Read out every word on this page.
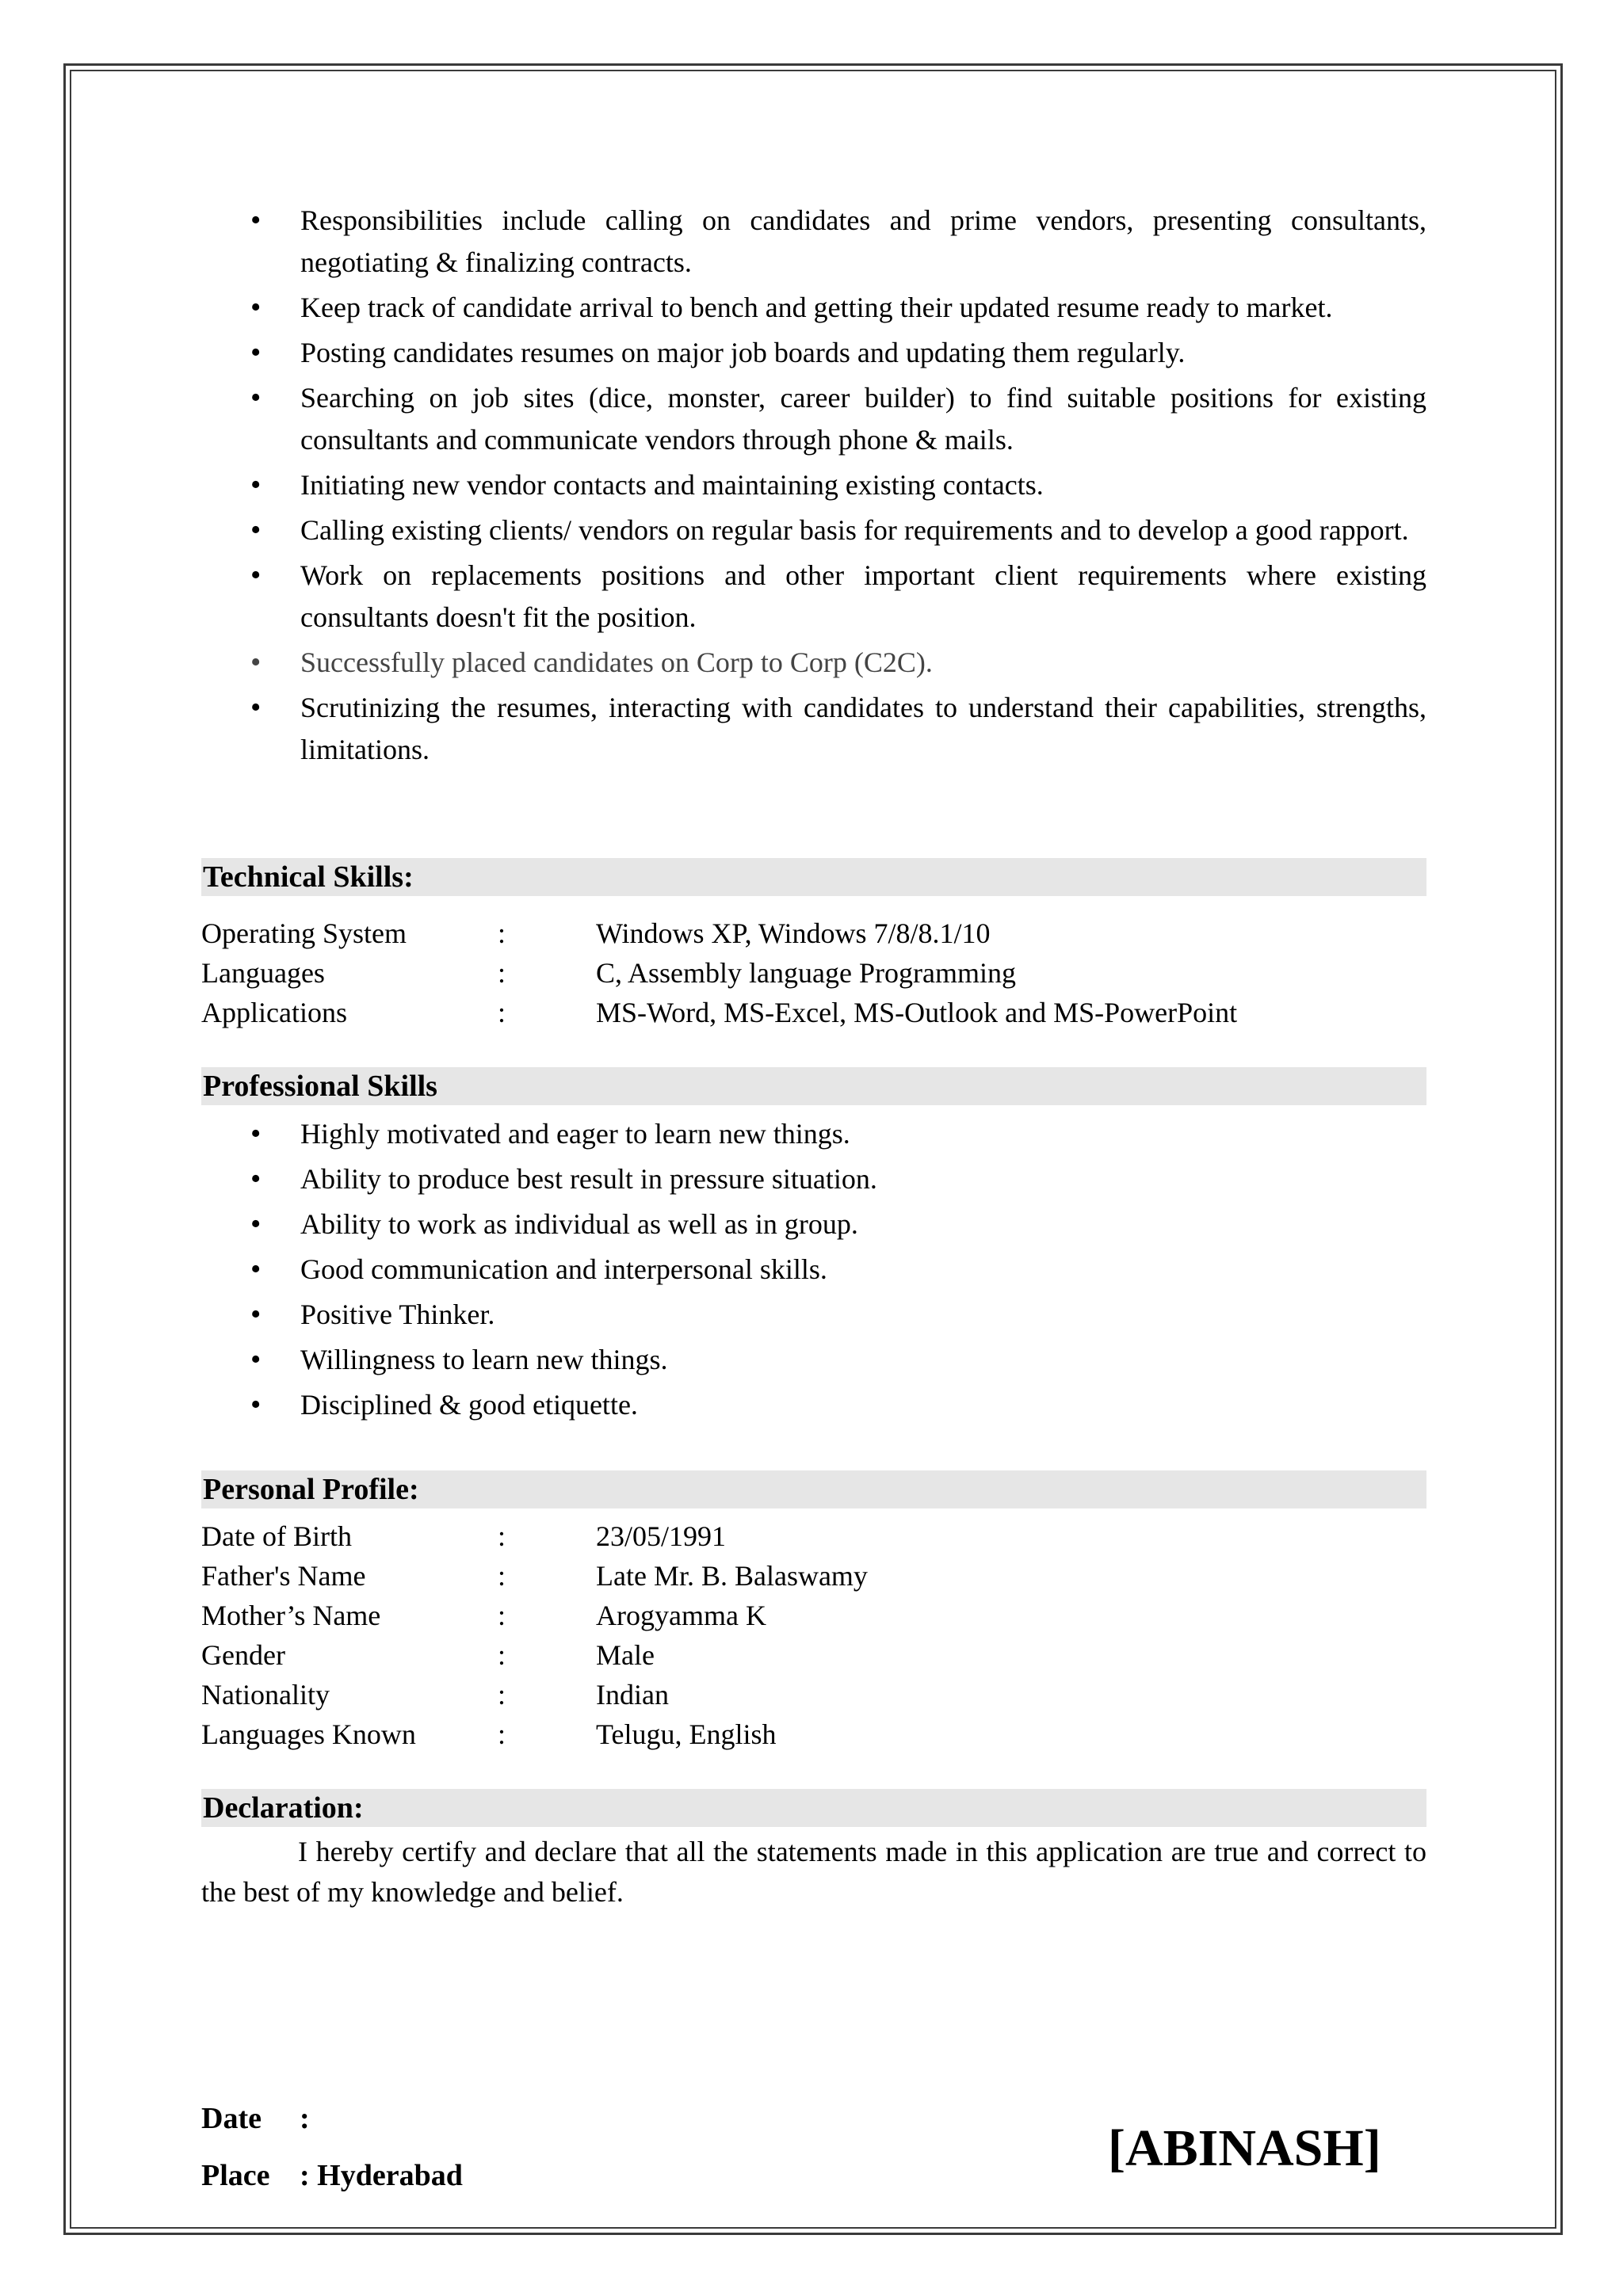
• Responsibilities include calling on candidates and prime vendors, presenting consultants, negotiating & finalizing contracts.
• Keep track of candidate arrival to bench and getting their updated resume ready to market.
• Posting candidates resumes on major job boards and updating them regularly.
• Searching on job sites (dice, monster, career builder) to find suitable positions for existing consultants and communicate vendors through phone & mails.
• Initiating new vendor contacts and maintaining existing contacts.
• Calling existing clients/ vendors on regular basis for requirements and to develop a good rapport.
• Work on replacements positions and other important client requirements where existing consultants doesn't fit the position.
• Successfully placed candidates on Corp to Corp (C2C).
• Scrutinizing the resumes, interacting with candidates to understand their capabilities, strengths, limitations.
Technical Skills:
Operating System	:	Windows XP, Windows 7/8/8.1/10
Languages	:	C, Assembly language Programming
Applications	:	MS-Word, MS-Excel, MS-Outlook and MS-PowerPoint
Professional Skills
• Highly motivated and eager to learn new things.
• Ability to produce best result in pressure situation.
• Ability to work as individual as well as in group.
• Good communication and interpersonal skills.
• Positive Thinker.
• Willingness to learn new things.
• Disciplined & good etiquette.
Personal Profile:
Date of Birth	:	23/05/1991
Father's Name	:	Late Mr. B. Balaswamy
Mother’s Name	:	Arogyamma K
Gender	:	Male
Nationality	:	Indian
Languages Known	:	Telugu, English
Declaration:
I hereby certify and declare that all the statements made in this application are true and correct to the best of my knowledge and belief.
Date :
Place : Hyderabad	[ABINASH]
